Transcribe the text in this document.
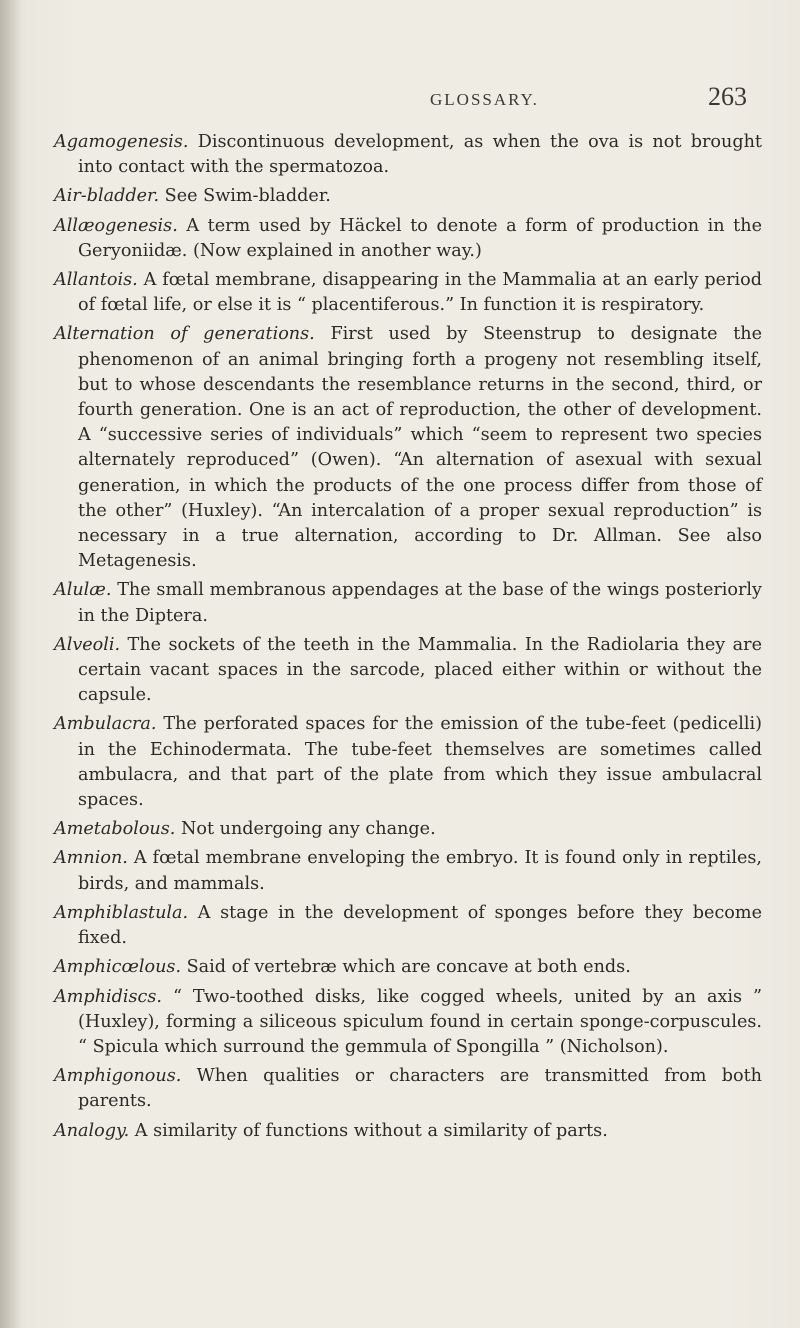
GLOSSARY.	263
Agamogenesis. Discontinuous development, as when the ova is not brought into contact with the spermatozoa.
Air-bladder. See Swim-bladder.
Allæogenesis. A term used by Häckel to denote a form of production in the Geryoniidæ. (Now explained in another way.)
Allantois. A fœtal membrane, disappearing in the Mammalia at an early period of fœtal life, or else it is “ placentiferous.” In function it is respiratory.
Alternation of generations. First used by Steenstrup to designate the phenomenon of an animal bringing forth a progeny not resembling itself, but to whose descendants the resemblance returns in the second, third, or fourth generation. One is an act of reproduction, the other of development. A “successive series of individuals” which “seem to represent two species alternately reproduced” (Owen). “An alternation of asexual with sexual generation, in which the products of the one process differ from those of the other” (Huxley). “An intercalation of a proper sexual reproduction” is necessary in a true alternation, according to Dr. Allman. See also Metagenesis.
Alulæ. The small membranous appendages at the base of the wings posteriorly in the Diptera.
Alveoli. The sockets of the teeth in the Mammalia. In the Radiolaria they are certain vacant spaces in the sarcode, placed either within or without the capsule.
Ambulacra. The perforated spaces for the emission of the tube-feet (pedicelli) in the Echinodermata. The tube-feet themselves are sometimes called ambulacra, and that part of the plate from which they issue ambulacral spaces.
Ametabolous. Not undergoing any change.
Amnion. A fœtal membrane enveloping the embryo. It is found only in reptiles, birds, and mammals.
Amphiblastula. A stage in the development of sponges before they become fixed.
Amphicœlous. Said of vertebræ which are concave at both ends.
Amphidiscs. “ Two-toothed disks, like cogged wheels, united by an axis ” (Huxley), forming a siliceous spiculum found in certain sponge-corpuscules. “ Spicula which surround the gemmula of Spongilla ” (Nicholson).
Amphigonous. When qualities or characters are transmitted from both parents.
Analogy. A similarity of functions without a similarity of parts.
